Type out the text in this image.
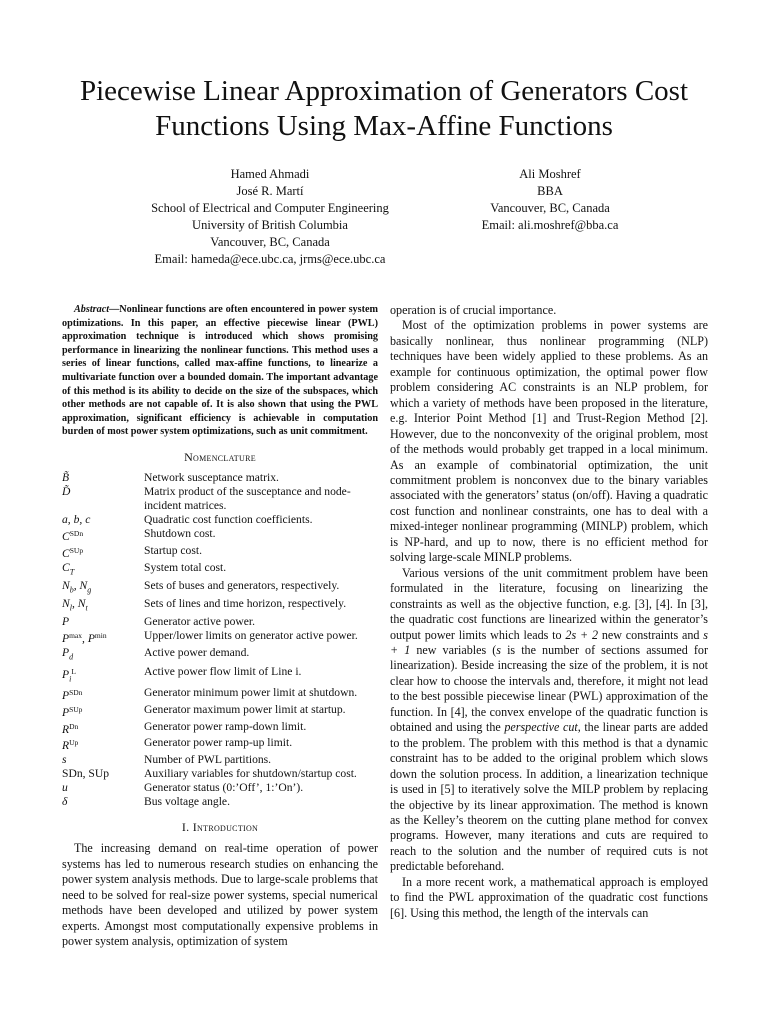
Piecewise Linear Approximation of Generators Cost Functions Using Max-Affine Functions
Hamed Ahmadi
José R. Martí
School of Electrical and Computer Engineering
University of British Columbia
Vancouver, BC, Canada
Email: hameda@ece.ubc.ca, jrms@ece.ubc.ca
Ali Moshref
BBA
Vancouver, BC, Canada
Email: ali.moshref@bba.ca

Abstract—Nonlinear functions are often encountered in power system optimizations. In this paper, an effective piecewise linear (PWL) approximation technique is introduced which shows promising performance in linearizing the nonlinear functions. This method uses a series of linear functions, called max-affine functions, to linearize a multivariate function over a bounded domain. The important advantage of this method is its ability to decide on the size of the subspaces, which other methods are not capable of. It is also shown that using the PWL approximation, significant efficiency is achievable in computation burden of most power system optimizations, such as unit commitment.

Nomenclature
B̃	Network susceptance matrix.
D̃	Matrix product of the susceptance and node-incident matrices.
a, b, c	Quadratic cost function coefficients.
$C^{SDn}$	Shutdown cost.
$C^{SUp}$	Startup cost.
$C_T$	System total cost.
$N_b$, $N_g$	Sets of buses and generators, respectively.
$N_l$, $N_t$	Sets of lines and time horizon, respectively.
P	Generator active power.
$P^{max}$, $P^{min}$	Upper/lower limits on generator active power.
$P_d$	Active power demand.
$P_i^L$	Active power flow limit of Line i.
$P^{SDn}$	Generator minimum power limit at shutdown.
$P^{SUp}$	Generator maximum power limit at startup.
$R^{Dn}$	Generator power ramp-down limit.
$R^{Up}$	Generator power ramp-up limit.
s	Number of PWL partitions.
SDn, SUp	Auxiliary variables for shutdown/startup cost.
u	Generator status (0:’Off’, 1:’On’).
δ	Bus voltage angle.
I. Introduction

The increasing demand on real-time operation of power systems has led to numerous research studies on enhancing the power system analysis methods. Due to large-scale problems that need to be solved for real-size power systems, special numerical methods have been developed and utilized by power system experts. Amongst most computationally expensive problems in power system analysis, optimization of system

operation is of crucial importance.

Most of the optimization problems in power systems are basically nonlinear, thus nonlinear programming (NLP) techniques have been widely applied to these problems. As an example for continuous optimization, the optimal power flow problem considering AC constraints is an NLP problem, for which a variety of methods have been proposed in the literature, e.g. Interior Point Method [1] and Trust-Region Method [2]. However, due to the nonconvexity of the original problem, most of the methods would probably get trapped in a local minimum. As an example of combinatorial optimization, the unit commitment problem is nonconvex due to the binary variables associated with the generators’ status (on/off). Having a quadratic cost function and nonlinear constraints, one has to deal with a mixed-integer nonlinear programming (MINLP) problem, which is NP-hard, and up to now, there is no efficient method for solving large-scale MINLP problems.

Various versions of the unit commitment problem have been formulated in the literature, focusing on linearizing the constraints as well as the objective function, e.g. [3], [4]. In [3], the quadratic cost functions are linearized within the generator’s output power limits which leads to 2s + 2 new constraints and s + 1 new variables (s is the number of sections assumed for linearization). Beside increasing the size of the problem, it is not clear how to choose the intervals and, therefore, it might not lead to the best possible piecewise linear (PWL) approximation of the function. In [4], the convex envelope of the quadratic function is obtained and using the perspective cut, the linear parts are added to the problem. The problem with this method is that a dynamic constraint has to be added to the original problem which slows down the solution process. In addition, a linearization technique is used in [5] to iteratively solve the MILP problem by replacing the objective by its linear approximation. The method is known as the Kelley’s theorem on the cutting plane method for convex programs. However, many iterations and cuts are required to reach to the solution and the number of required cuts is not predictable beforehand.

In a more recent work, a mathematical approach is employed to find the PWL approximation of the quadratic cost functions [6]. Using this method, the length of the intervals can
